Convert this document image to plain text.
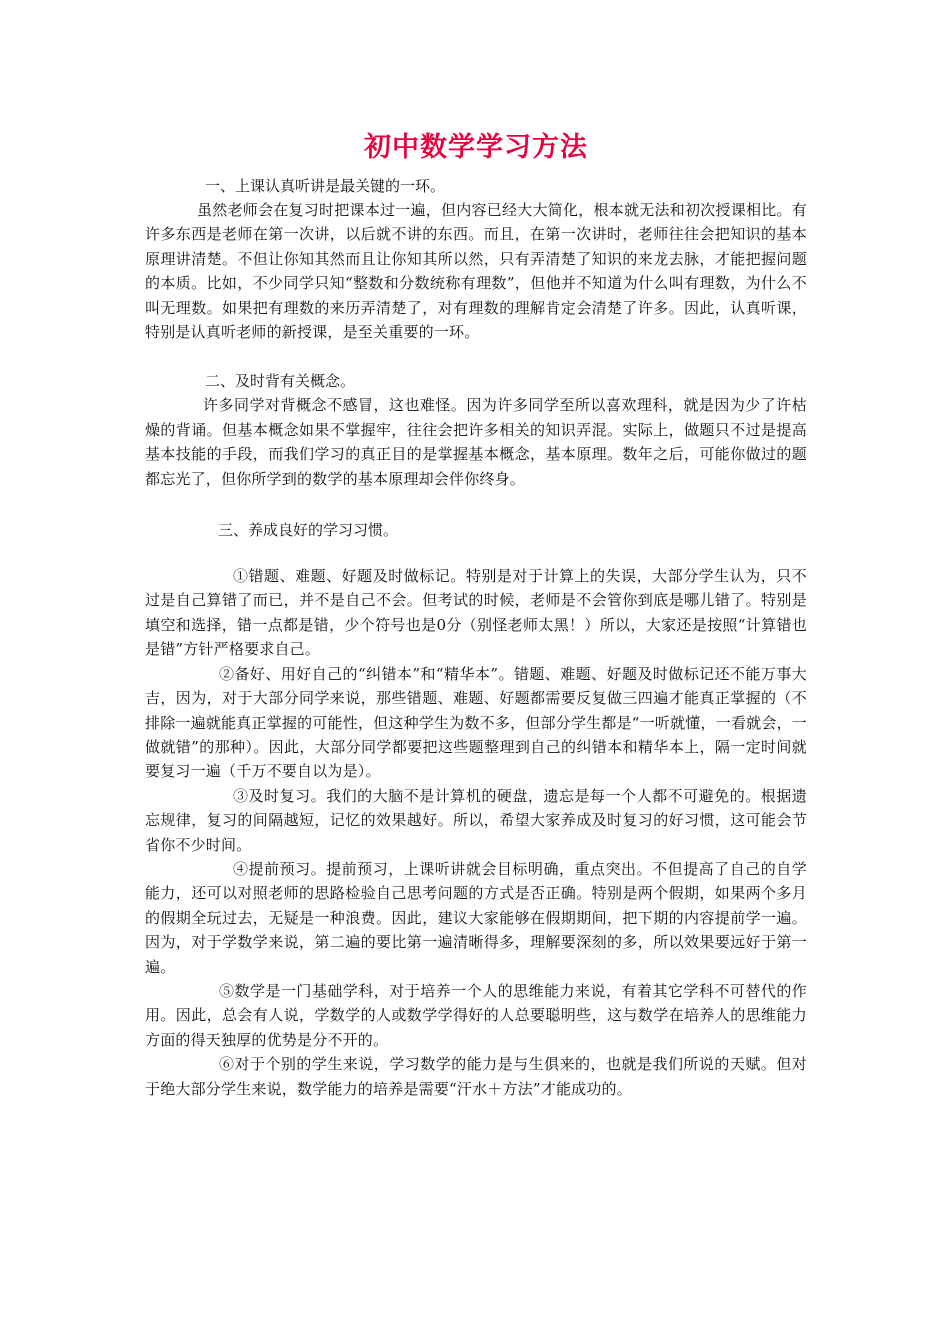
初中数学学习方法

一、上课认真听讲是最关键的一环。

虽然老师会在复习时把课本过一遍，但内容已经大大简化，根本就无法和初次授课相比。有许多东西是老师在第一次讲，以后就不讲的东西。而且，在第一次讲时，老师往往会把知识的基本原理讲清楚。不但让你知其然而且让你知其所以然，只有弄清楚了知识的来龙去脉，才能把握问题的本质。比如，不少同学只知“整数和分数统称有理数”，但他并不知道为什么叫有理数，为什么不叫无理数。如果把有理数的来历弄清楚了，对有理数的理解肯定会清楚了许多。因此，认真听课，特别是认真听老师的新授课，是至关重要的一环。

二、及时背有关概念。

许多同学对背概念不感冒，这也难怪。因为许多同学至所以喜欢理科，就是因为少了许枯燥的背诵。但基本概念如果不掌握牢，往往会把许多相关的知识弄混。实际上，做题只不过是提高基本技能的手段，而我们学习的真正目的是掌握基本概念，基本原理。数年之后，可能你做过的题都忘光了，但你所学到的数学的基本原理却会伴你终身。

三、养成良好的学习习惯。

①错题、难题、好题及时做标记。特别是对于计算上的失误，大部分学生认为，只不过是自己算错了而已，并不是自己不会。但考试的时候，老师是不会管你到底是哪儿错了。特别是填空和选择，错一点都是错，少个符号也是0分（别怪老师太黑！）所以，大家还是按照“计算错也是错”方针严格要求自己。

②备好、用好自己的“纠错本”和“精华本”。错题、难题、好题及时做标记还不能万事大吉，因为，对于大部分同学来说，那些错题、难题、好题都需要反复做三四遍才能真正掌握的（不排除一遍就能真正掌握的可能性，但这种学生为数不多，但部分学生都是“一听就懂，一看就会，一做就错”的那种）。因此，大部分同学都要把这些题整理到自己的纠错本和精华本上，隔一定时间就要复习一遍（千万不要自以为是）。

③及时复习。我们的大脑不是计算机的硬盘，遗忘是每一个人都不可避免的。根据遗忘规律，复习的间隔越短，记忆的效果越好。所以，希望大家养成及时复习的好习惯，这可能会节省你不少时间。

④提前预习。提前预习，上课听讲就会目标明确，重点突出。不但提高了自己的自学能力，还可以对照老师的思路检验自己思考问题的方式是否正确。特别是两个假期，如果两个多月的假期全玩过去，无疑是一种浪费。因此，建议大家能够在假期期间，把下期的内容提前学一遍。因为，对于学数学来说，第二遍的要比第一遍清晰得多，理解要深刻的多，所以效果要远好于第一遍。

⑤数学是一门基础学科，对于培养一个人的思维能力来说，有着其它学科不可替代的作用。因此，总会有人说，学数学的人或数学学得好的人总要聪明些，这与数学在培养人的思维能力方面的得天独厚的优势是分不开的。

⑥对于个别的学生来说，学习数学的能力是与生俱来的，也就是我们所说的天赋。但对于绝大部分学生来说，数学能力的培养是需要“汗水＋方法”才能成功的。
